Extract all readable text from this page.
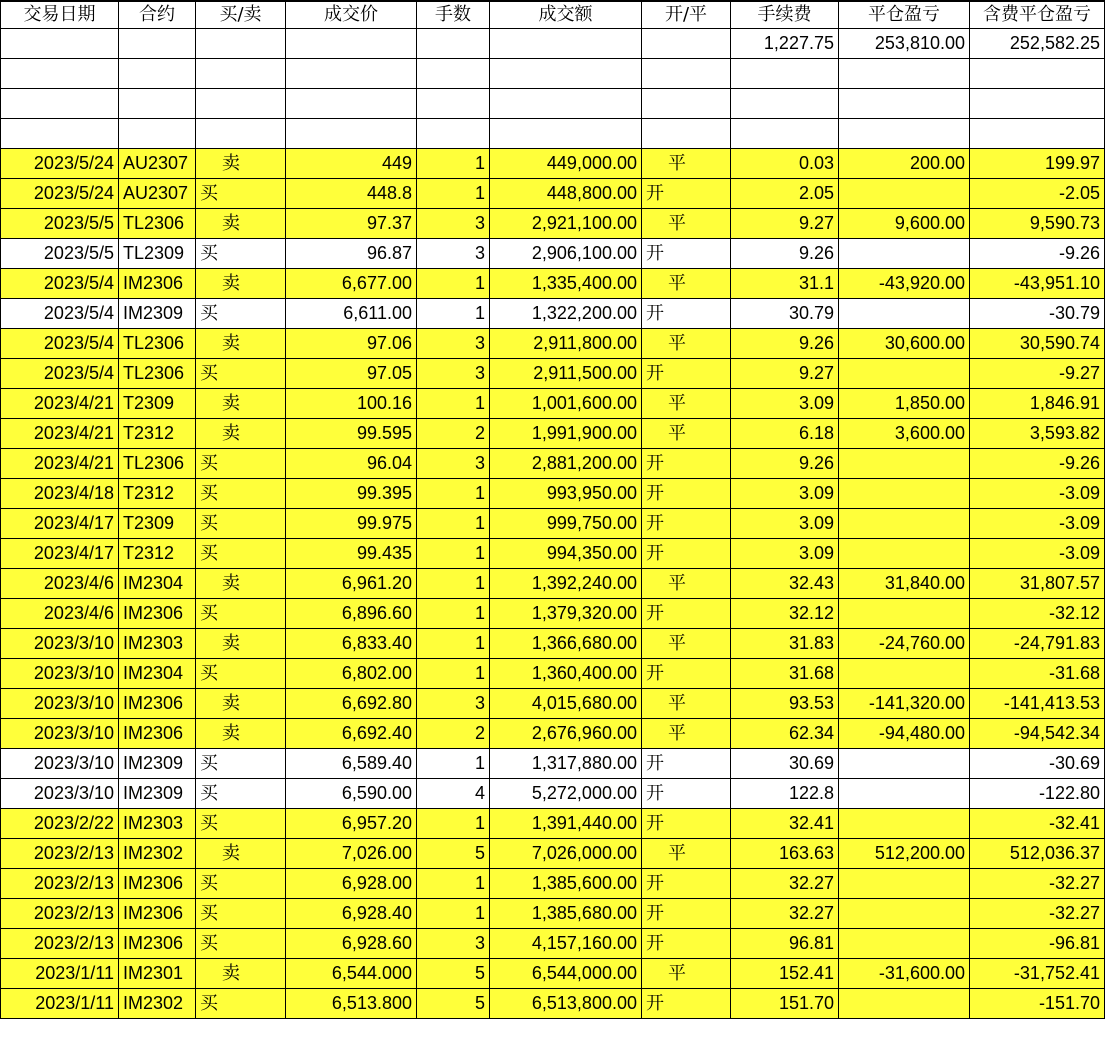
交易日期	合约	买/卖	成交价	手数	成交额	开/平	手续费	平仓盈亏	含费平仓盈亏
							1,227.75	253,810.00	252,582.25

2023/5/24	AU2307	卖	449	1	449,000.00	平	0.03	200.00	199.97
2023/5/24	AU2307	买	448.8	1	448,800.00	开	2.05		-2.05
2023/5/5	TL2306	卖	97.37	3	2,921,100.00	平	9.27	9,600.00	9,590.73
2023/5/5	TL2309	买	96.87	3	2,906,100.00	开	9.26		-9.26
2023/5/4	IM2306	卖	6,677.00	1	1,335,400.00	平	31.1	-43,920.00	-43,951.10
2023/5/4	IM2309	买	6,611.00	1	1,322,200.00	开	30.79		-30.79
2023/5/4	TL2306	卖	97.06	3	2,911,800.00	平	9.26	30,600.00	30,590.74
2023/5/4	TL2306	买	97.05	3	2,911,500.00	开	9.27		-9.27
2023/4/21	T2309	卖	100.16	1	1,001,600.00	平	3.09	1,850.00	1,846.91
2023/4/21	T2312	卖	99.595	2	1,991,900.00	平	6.18	3,600.00	3,593.82
2023/4/21	TL2306	买	96.04	3	2,881,200.00	开	9.26		-9.26
2023/4/18	T2312	买	99.395	1	993,950.00	开	3.09		-3.09
2023/4/17	T2309	买	99.975	1	999,750.00	开	3.09		-3.09
2023/4/17	T2312	买	99.435	1	994,350.00	开	3.09		-3.09
2023/4/6	IM2304	卖	6,961.20	1	1,392,240.00	平	32.43	31,840.00	31,807.57
2023/4/6	IM2306	买	6,896.60	1	1,379,320.00	开	32.12		-32.12
2023/3/10	IM2303	卖	6,833.40	1	1,366,680.00	平	31.83	-24,760.00	-24,791.83
2023/3/10	IM2304	买	6,802.00	1	1,360,400.00	开	31.68		-31.68
2023/3/10	IM2306	卖	6,692.80	3	4,015,680.00	平	93.53	-141,320.00	-141,413.53
2023/3/10	IM2306	卖	6,692.40	2	2,676,960.00	平	62.34	-94,480.00	-94,542.34
2023/3/10	IM2309	买	6,589.40	1	1,317,880.00	开	30.69		-30.69
2023/3/10	IM2309	买	6,590.00	4	5,272,000.00	开	122.8		-122.80
2023/2/22	IM2303	买	6,957.20	1	1,391,440.00	开	32.41		-32.41
2023/2/13	IM2302	卖	7,026.00	5	7,026,000.00	平	163.63	512,200.00	512,036.37
2023/2/13	IM2306	买	6,928.00	1	1,385,600.00	开	32.27		-32.27
2023/2/13	IM2306	买	6,928.40	1	1,385,680.00	开	32.27		-32.27
2023/2/13	IM2306	买	6,928.60	3	4,157,160.00	开	96.81		-96.81
2023/1/11	IM2301	卖	6,544.000	5	6,544,000.00	平	152.41	-31,600.00	-31,752.41
2023/1/11	IM2302	买	6,513.800	5	6,513,800.00	开	151.70		-151.70
